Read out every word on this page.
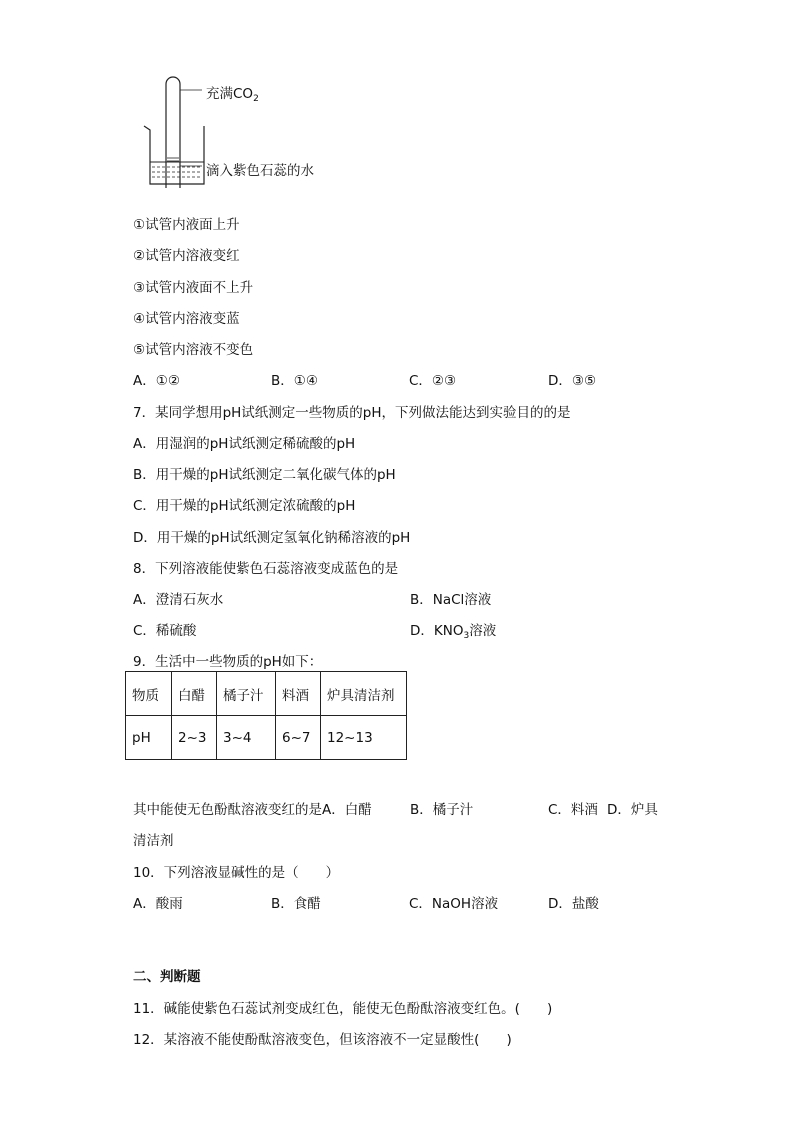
充满$CO_2$
滴入紫色石蕊的水
①试管内液面上升
②试管内溶液变红
③试管内液面不上升
④试管内溶液变蓝
⑤试管内溶液不变色
A．①②	B．①④	C．②③	D．③⑤
7．某同学想用pH试纸测定一些物质的pH，下列做法能达到实验目的的是
A．用湿润的pH试纸测定稀硫酸的pH
B．用干燥的pH试纸测定二氧化碳气体的pH
C．用干燥的pH试纸测定浓硫酸的pH
D．用干燥的pH试纸测定氢氧化钠稀溶液的pH
8．下列溶液能使紫色石蕊溶液变成蓝色的是
A．澄清石灰水	B．NaCl溶液
C．稀硫酸	D．$KNO_3$溶液
9．生活中一些物质的pH如下：
物质	白醋	橘子汁	料酒	炉具清洁剂
pH	2~3	3~4	6~7	12~13
其中能使无色酚酞溶液变红的是A．白醋	B．橘子汁	C．料酒 D．炉具
清洁剂
10．下列溶液显碱性的是（　　）
A．酸雨	B．食醋	C．NaOH溶液	D．盐酸
二、判断题
11．碱能使紫色石蕊试剂变成红色，能使无色酚酞溶液变红色。(　　)
12．某溶液不能使酚酞溶液变色，但该溶液不一定显酸性(　　)
